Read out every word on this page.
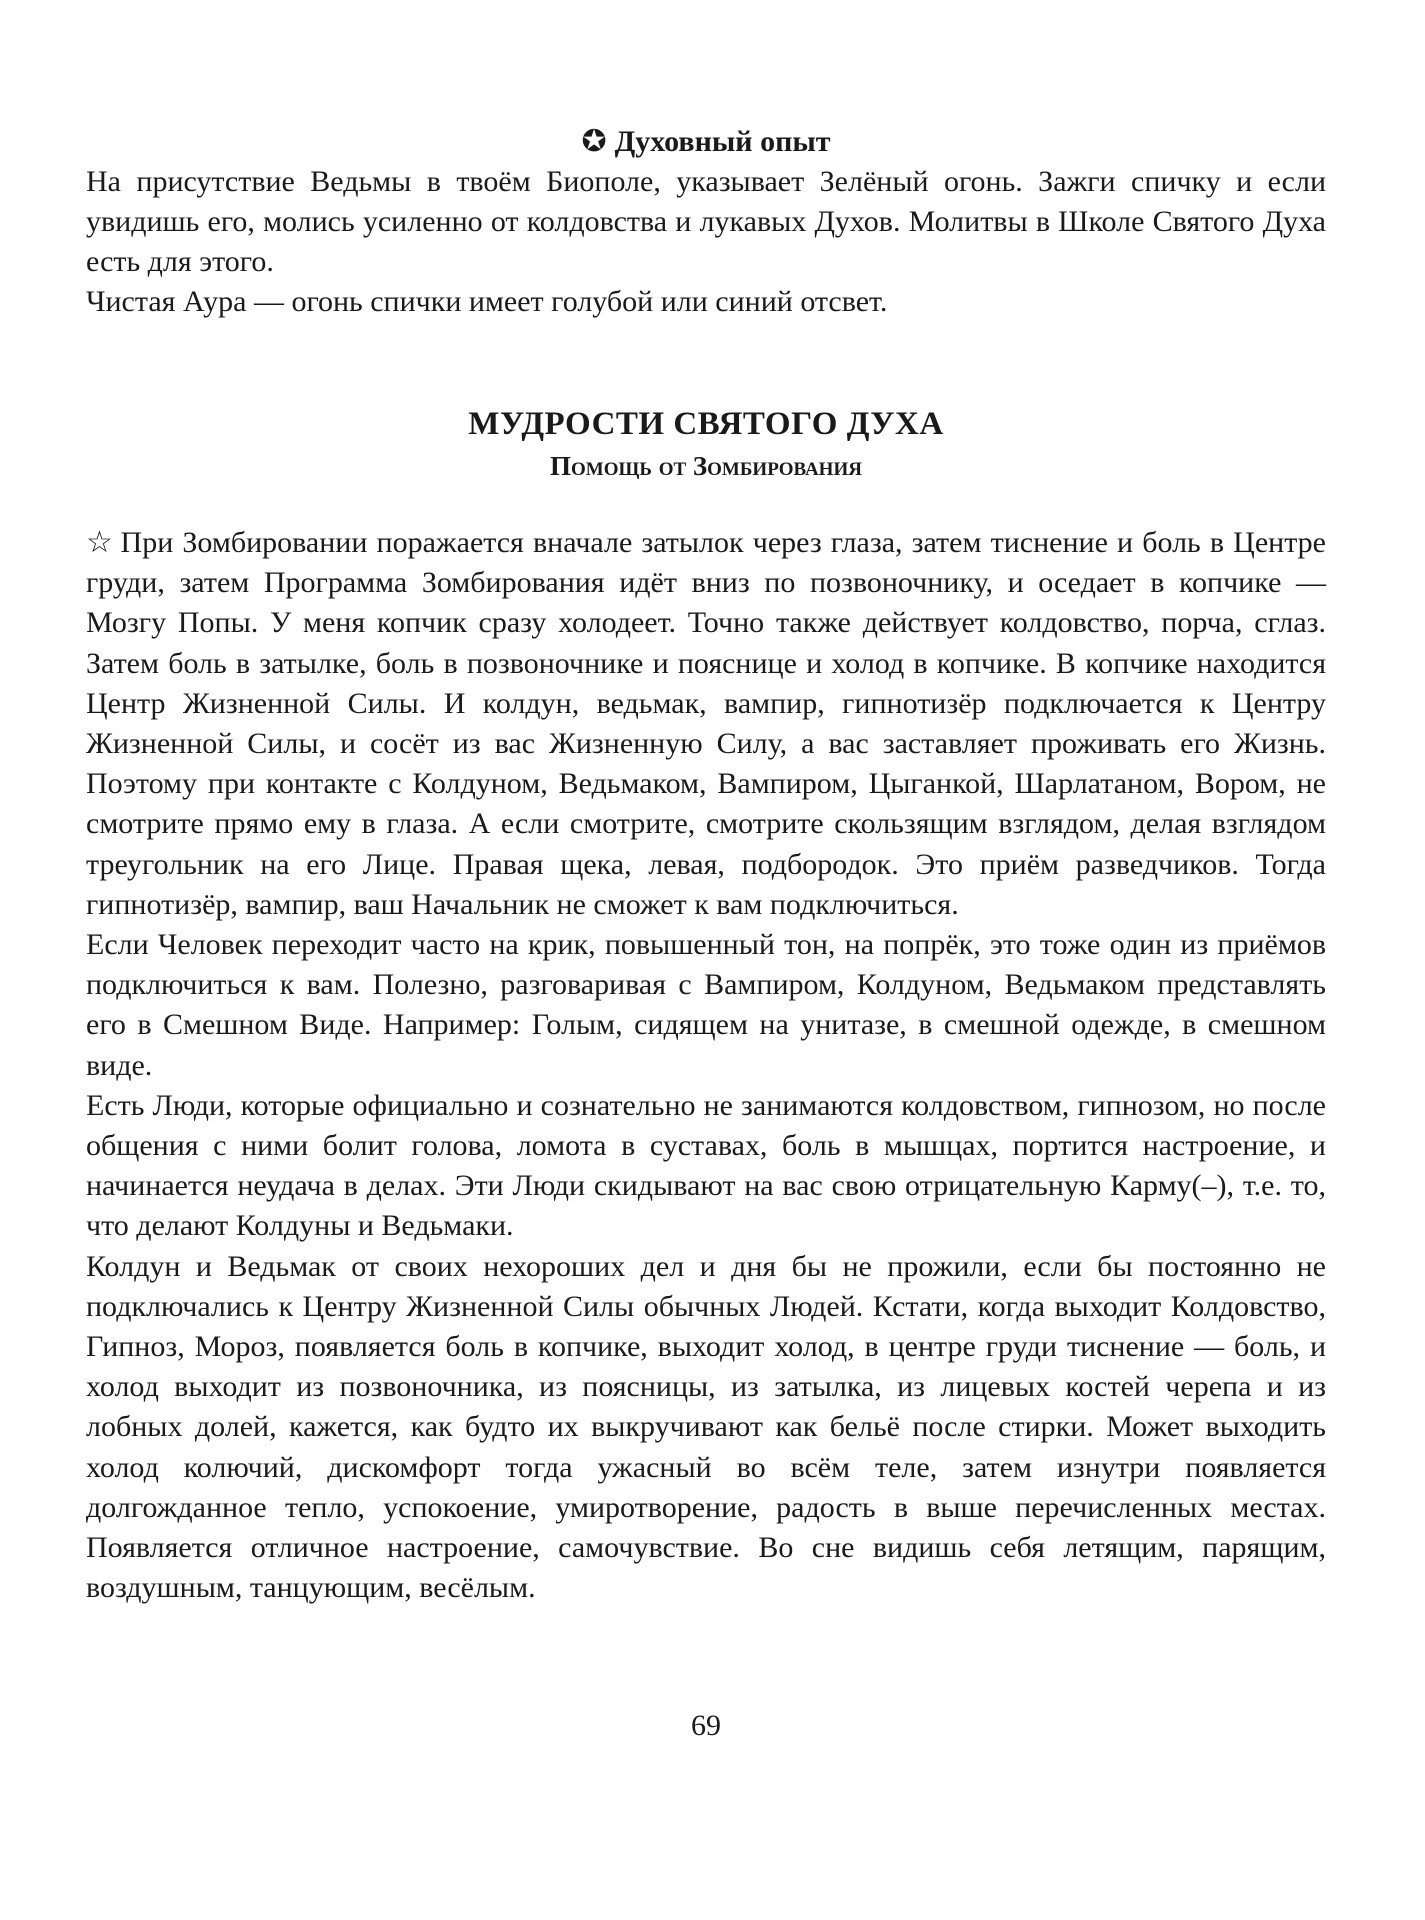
✪ Духовный опыт

На присутствие Ведьмы в твоём Биополе, указывает Зелёный огонь. Зажги спичку и если увидишь его, молись усиленно от колдовства и лукавых Духов. Молитвы в Школе Святого Духа есть для этого.

Чистая Аура — огонь спички имеет голубой или синий отсвет.

МУДРОСТИ СВЯТОГО ДУХА
Помощь от Зомбирования

☆ При Зомбировании поражается вначале затылок через глаза, затем тиснение и боль в Центре груди, затем Программа Зомбирования идёт вниз по позвоночнику, и оседает в копчике — Мозгу Попы. У меня копчик сразу холодеет. Точно также действует колдовство, порча, сглаз. Затем боль в затылке, боль в позвоночнике и пояснице и холод в копчике. В копчике находится Центр Жизненной Силы. И колдун, ведьмак, вампир, гипнотизёр подключается к Центру Жизненной Силы, и сосёт из вас Жизненную Силу, а вас заставляет проживать его Жизнь. Поэтому при контакте с Колдуном, Ведьмаком, Вампиром, Цыганкой, Шарлатаном, Вором, не смотрите прямо ему в глаза. А если смотрите, смотрите скользящим взглядом, делая взглядом треугольник на его Лице. Правая щека, левая, подбородок. Это приём разведчиков. Тогда гипнотизёр, вампир, ваш Начальник не сможет к вам подключиться.

Если Человек переходит часто на крик, повышенный тон, на попрёк, это тоже один из приёмов подключиться к вам. Полезно, разговаривая с Вампиром, Колдуном, Ведьмаком представлять его в Смешном Виде. Например: Голым, сидящем на унитазе, в смешной одежде, в смешном виде.

Есть Люди, которые официально и сознательно не занимаются колдовством, гипнозом, но после общения с ними болит голова, ломота в суставах, боль в мышцах, портится настроение, и начинается неудача в делах. Эти Люди скидывают на вас свою отрицательную Карму(–), т.е. то, что делают Колдуны и Ведьмаки.

Колдун и Ведьмак от своих нехороших дел и дня бы не прожили, если бы постоянно не подключались к Центру Жизненной Силы обычных Людей. Кстати, когда выходит Колдовство, Гипноз, Мороз, появляется боль в копчике, выходит холод, в центре груди тиснение — боль, и холод выходит из позвоночника, из поясницы, из затылка, из лицевых костей черепа и из лобных долей, кажется, как будто их выкручивают как бельё после стирки. Может выходить холод колючий, дискомфорт тогда ужасный во всём теле, затем изнутри появляется долгожданное тепло, успокоение, умиротворение, радость в выше перечисленных местах. Появляется отличное настроение, самочувствие. Во сне видишь себя летящим, парящим, воздушным, танцующим, весёлым.

69
